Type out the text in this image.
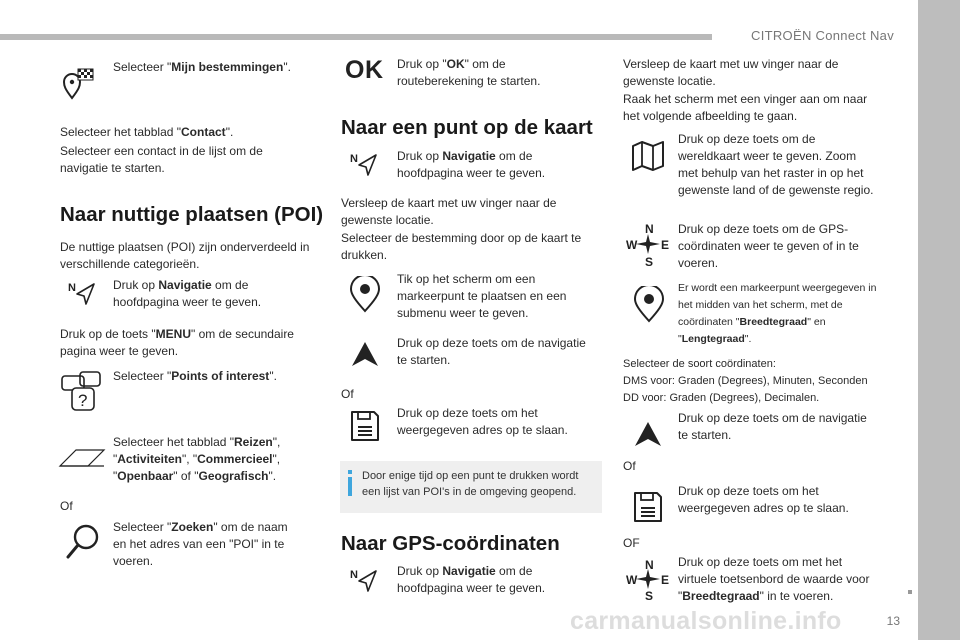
CITROËN Connect Nav
13
Selecteer "Mijn bestemmingen".
Selecteer het tabblad "Contact".
Selecteer een contact in de lijst om de navigatie te starten.
Naar nuttige plaatsen (POI)
De nuttige plaatsen (POI) zijn onderverdeeld in verschillende categorieën.
N	Druk op Navigatie om de hoofdpagina weer te geven.
Druk op de toets "MENU" om de secundaire pagina weer te geven.
?
Selecteer "Points of interest".
Selecteer het tabblad "Reizen", "Activiteiten", "Commercieel", "Openbaar" of "Geografisch".
Of
Selecteer "Zoeken" om de naam en het adres van een "POI" in te voeren.
OK Druk op "OK" om de routeberekening te starten.
Naar een punt op de kaart
N	Druk op Navigatie om de hoofdpagina weer te geven.
Versleep de kaart met uw vinger naar de gewenste locatie.
Selecteer de bestemming door op de kaart te drukken.
Tik op het scherm om een markeerpunt te plaatsen en een submenu weer te geven.
Druk op deze toets om de navigatie te starten.
Of
Druk op deze toets om het weergegeven adres op te slaan.
Door enige tijd op een punt te drukken wordt een lijst van POI's in de omgeving geopend.
Naar GPS-coördinaten
N	Druk op Navigatie om de hoofdpagina weer te geven.
Versleep de kaart met uw vinger naar de gewenste locatie.
Raak het scherm met een vinger aan om naar het volgende afbeelding te gaan.
Druk op deze toets om de wereldkaart weer te geven. Zoom met behulp van het raster in op het gewenste land of de gewenste regio.
N
S
W E
Druk op deze toets om de GPS-coördinaten weer te geven of in te voeren.
Er wordt een markeerpunt weergegeven in het midden van het scherm, met de coördinaten "Breedtegraad" en "Lengtegraad".
Selecteer de soort coördinaten:
DMS voor: Graden (Degrees), Minuten, Seconden
DD voor: Graden (Degrees), Decimalen.
Druk op deze toets om de navigatie te starten.
Of
Druk op deze toets om het weergegeven adres op te slaan.
OF
N
S
W E
Druk op deze toets om met het virtuele toetsenbord de waarde voor "Breedtegraad" in te voeren.
carmanualsonline.info
